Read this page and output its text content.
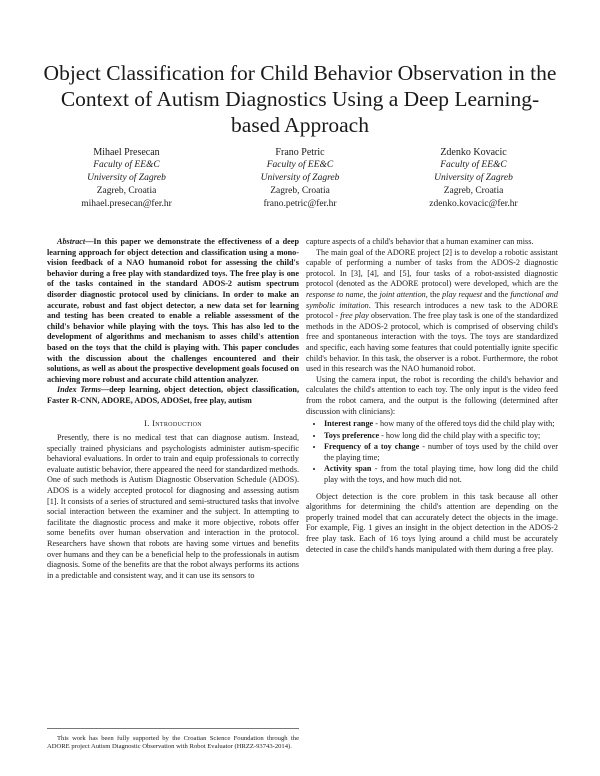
Object Classification for Child Behavior Observation in the Context of Autism Diagnostics Using a Deep Learning-based Approach
Mihael Presecan
Faculty of EE&C
University of Zagreb
Zagreb, Croatia
mihael.presecan@fer.hr
Frano Petric
Faculty of EE&C
University of Zagreb
Zagreb, Croatia
frano.petric@fer.hr
Zdenko Kovacic
Faculty of EE&C
University of Zagreb
Zagreb, Croatia
zdenko.kovacic@fer.hr

Abstract—In this paper we demonstrate the effectiveness of a deep learning approach for object detection and classification using a mono-vision feedback of a NAO humanoid robot for assessing the child's behavior during a free play with standardized toys. The free play is one of the tasks contained in the standard ADOS-2 autism spectrum disorder diagnostic protocol used by clinicians. In order to make an accurate, robust and fast object detector, a new data set for learning and testing has been created to enable a reliable assessment of the child's behavior while playing with the toys. This has also led to the development of algorithms and mechanism to asses child's attention based on the toys that the child is playing with. This paper concludes with the discussion about the challenges encountered and their solutions, as well as about the prospective development goals focused on achieving more robust and accurate child attention analyzer.

Index Terms—deep learning, object detection, object classification, Faster R-CNN, ADORE, ADOS, ADOSet, free play, autism

I. Introduction

Presently, there is no medical test that can diagnose autism. Instead, specially trained physicians and psychologists administer autism-specific behavioral evaluations. In order to train and equip professionals to correctly evaluate autistic behavior, there appeared the need for standardized methods. One of such methods is Autism Diagnostic Observation Schedule (ADOS). ADOS is a widely accepted protocol for diagnosing and assessing autism [1]. It consists of a series of structured and semi-structured tasks that involve social interaction between the examiner and the subject. In attempting to facilitate the diagnostic process and make it more objective, robots offer some benefits over human observation and interaction in the protocol. Researchers have shown that robots are having some virtues and benefits over humans and they can be a beneficial help to the professionals in autism diagnosis. Some of the benefits are that the robot always performs its actions in a predictable and consistent way, and it can use its sensors to

This work has been fully supported by the Croatian Science Foundation through the ADORE project Autism Diagnostic Observation with Robot Evaluator (HRZZ-93743-2014).

capture aspects of a child's behavior that a human examiner can miss.

The main goal of the ADORE project [2] is to develop a robotic assistant capable of performing a number of tasks from the ADOS-2 diagnostic protocol. In [3], [4], and [5], four tasks of a robot-assisted diagnostic protocol (denoted as the ADORE protocol) were developed, which are the response to name, the joint attention, the play request and the functional and symbolic imitation. This research introduces a new task to the ADORE protocol - free play observation. The free play task is one of the standardized methods in the ADOS-2 protocol, which is comprised of observing child's free and spontaneous interaction with the toys. The toys are standardized and specific, each having some features that could potentially ignite specific child's behavior. In this task, the observer is a robot. Furthermore, the robot used in this research was the NAO humanoid robot.

Using the camera input, the robot is recording the child's behavior and calculates the child's attention to each toy. The only input is the video feed from the robot camera, and the output is the following (determined after discussion with clinicians):

• Interest range - how many of the offered toys did the child play with;
• Toys preference - how long did the child play with a specific toy;
• Frequency of a toy change - number of toys used by the child over the playing time;
• Activity span - from the total playing time, how long did the child play with the toys, and how much did not.

Object detection is the core problem in this task because all other algorithms for determining the child's attention are depending on the properly trained model that can accurately detect the objects in the image. For example, Fig. 1 gives an insight in the object detection in the ADOS-2 free play task. Each of 16 toys lying around a child must be accurately detected in case the child's hands manipulated with them during a free play.
